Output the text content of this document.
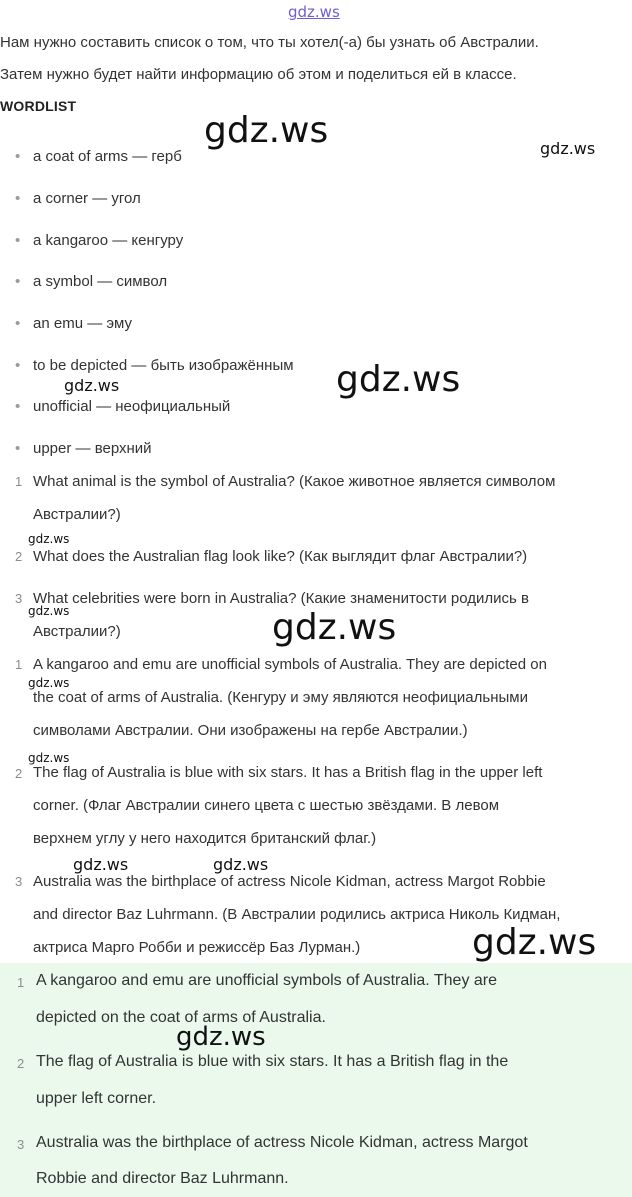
gdz.ws
Нам нужно составить список о том, что ты хотел(-а) бы узнать об Австралии.
Затем нужно будет найти информацию об этом и поделиться ей в классе.
WORDLIST
• a coat of arms — герб
• a corner — угол
• a kangaroo — кенгуру
• a symbol — символ
• an emu — эму
• to be depicted — быть изображённым
• unofficial — неофициальный
• upper — верхний
1 What animal is the symbol of Australia? (Какое животное является символом
Австралии?)
2 What does the Australian flag look like? (Как выглядит флаг Австралии?)
3 What celebrities were born in Australia? (Какие знаменитости родились в
Австралии?)
1 A kangaroo and emu are unofficial symbols of Australia. They are depicted on
the coat of arms of Australia. (Кенгуру и эму являются неофициальными
символами Австралии. Они изображены на гербе Австралии.)
2 The flag of Australia is blue with six stars. It has a British flag in the upper left
corner. (Флаг Австралии синего цвета с шестью звёздами. В левом
верхнем углу у него находится британский флаг.)
3 Australia was the birthplace of actress Nicole Kidman, actress Margot Robbie
and director Baz Luhrmann. (В Австралии родились актриса Николь Кидман,
актриса Марго Робби и режиссёр Баз Лурман.)
1 A kangaroo and emu are unofficial symbols of Australia. They are
depicted on the coat of arms of Australia.
2 The flag of Australia is blue with six stars. It has a British flag in the
upper left corner.
3 Australia was the birthplace of actress Nicole Kidman, actress Margot
Robbie and director Baz Luhrmann.
gdz.ws	gdz.ws
gdz.ws
gdz.ws
gdz.ws
gdz.ws	gdz.ws
gdz.ws
gdz.ws
gdz.ws	gdz.ws
gdz.ws
gdz.ws
